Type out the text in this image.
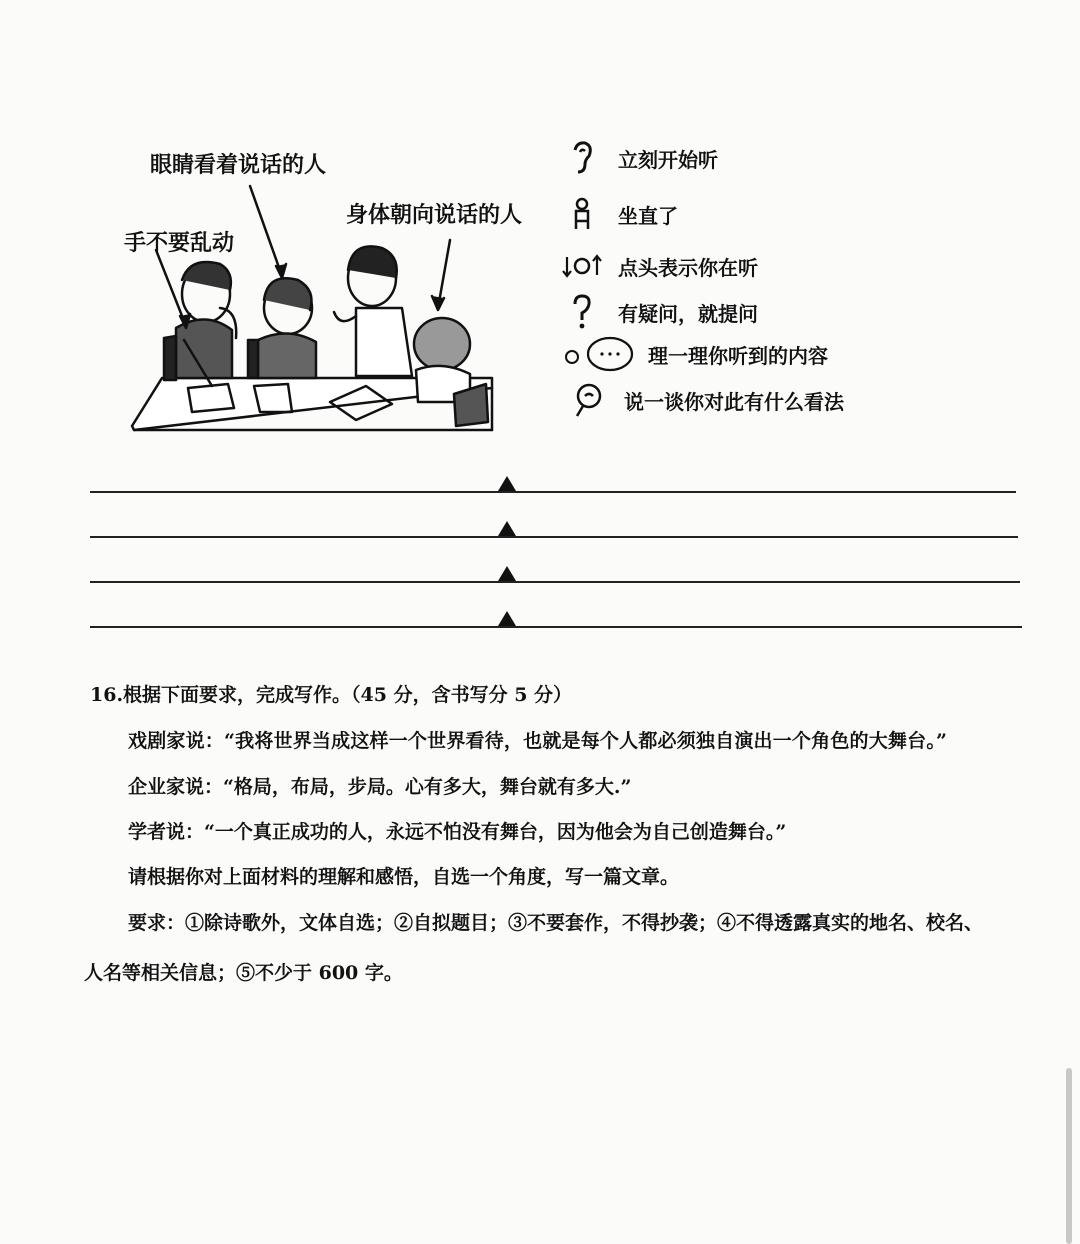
眼睛看着说话的人
身体朝向说话的人
手不要乱动
立刻开始听
坐直了
点头表示你在听
有疑问，就提问
理一理你听到的内容
说一谈你对此有什么看法
16.根据下面要求，完成写作。（45 分，含书写分 5 分）
戏剧家说：“我将世界当成这样一个世界看待，也就是每个人都必须独自演出一个角色的大舞台。”
企业家说：“格局，布局，步局。心有多大，舞台就有多大.”
学者说：“一个真正成功的人，永远不怕没有舞台，因为他会为自己创造舞台。”
请根据你对上面材料的理解和感悟，自选一个角度，写一篇文章。
要求：①除诗歌外，文体自选；②自拟题目；③不要套作，不得抄袭；④不得透露真实的地名、校名、
人名等相关信息；⑤不少于 600 字。
